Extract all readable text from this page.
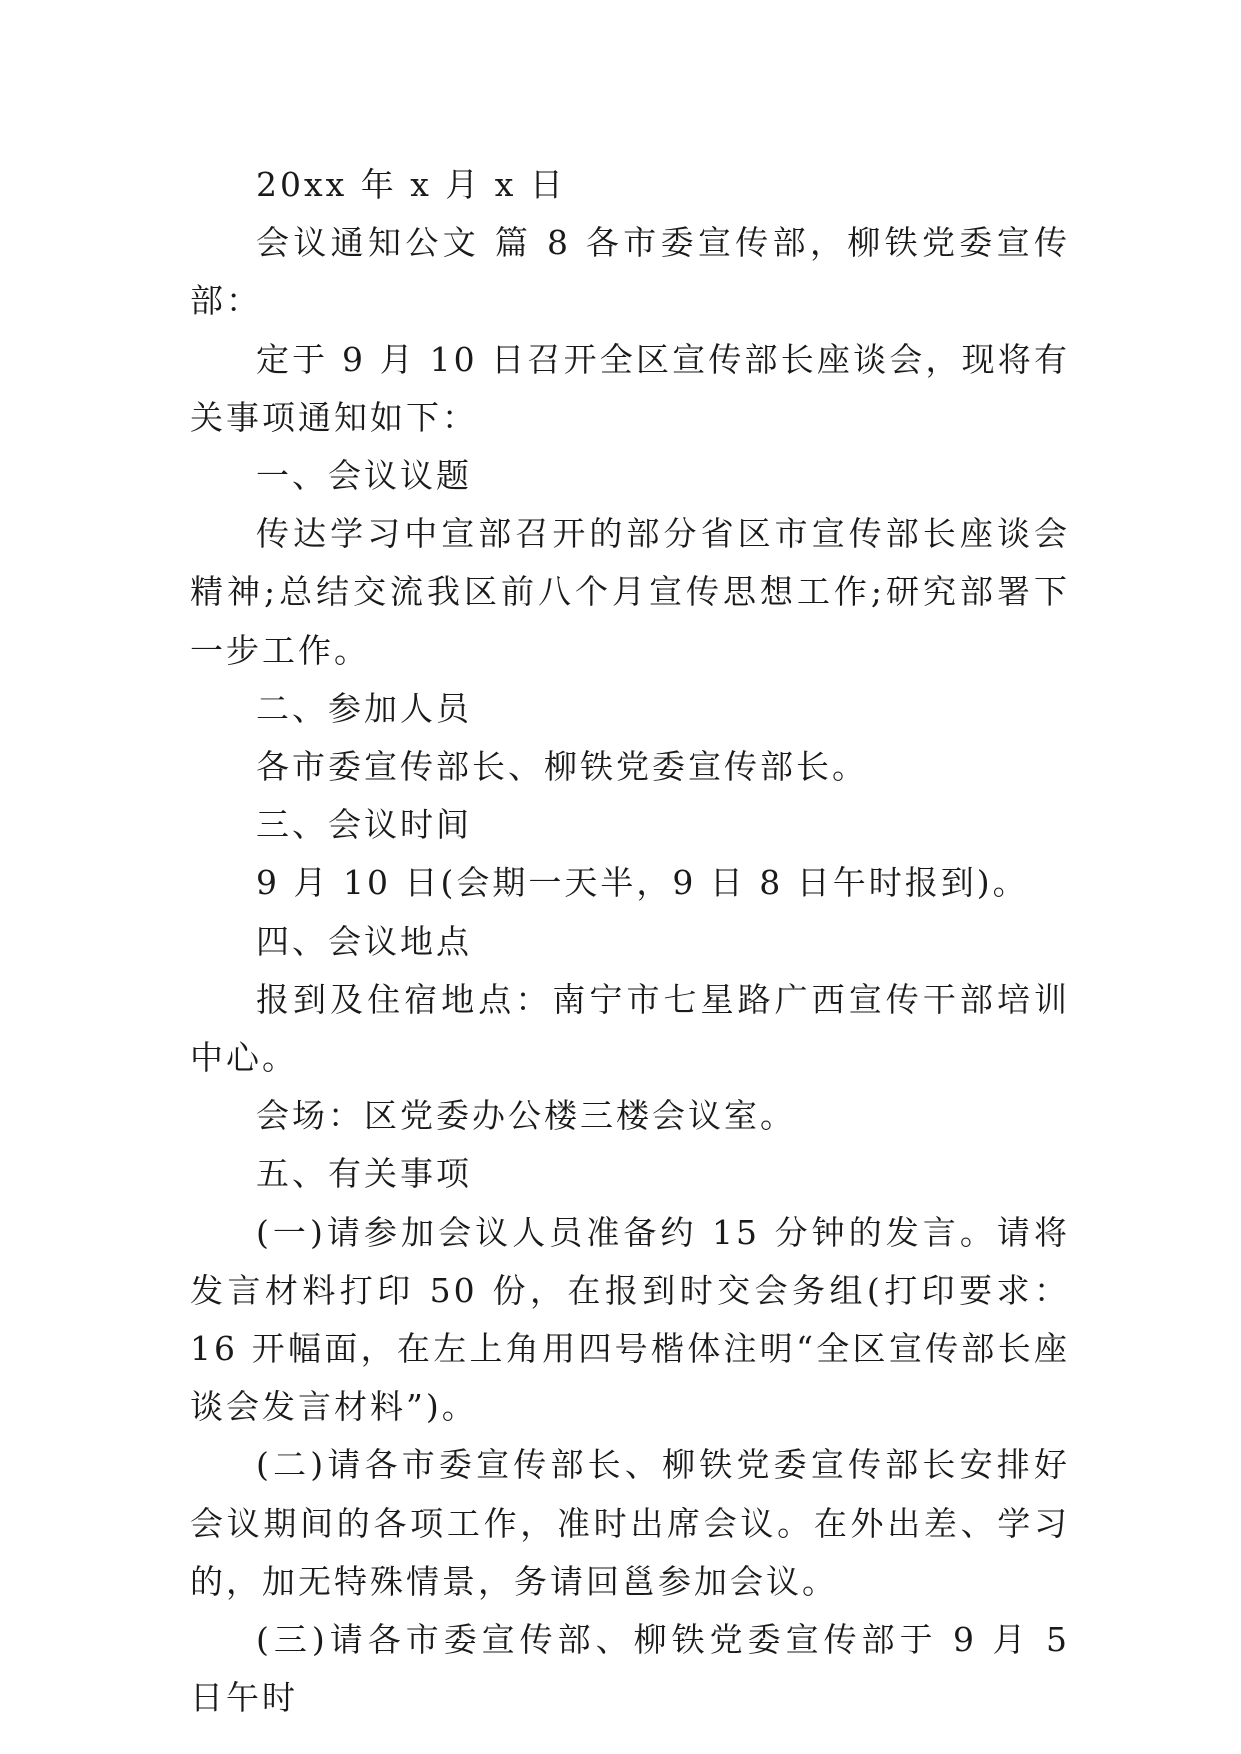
20xx 年 x 月 x 日

会议通知公文 篇 8 各市委宣传部，柳铁党委宣传部：

定于 9 月 10 日召开全区宣传部长座谈会，现将有关事项通知如下：

一、会议议题

传达学习中宣部召开的部分省区市宣传部长座谈会精神;总结交流我区前八个月宣传思想工作;研究部署下一步工作。

二、参加人员

各市委宣传部长、柳铁党委宣传部长。

三、会议时间

9 月 10 日(会期一天半，9 日 8 日午时报到)。

四、会议地点

报到及住宿地点：南宁市七星路广西宣传干部培训中心。

会场：区党委办公楼三楼会议室。

五、有关事项

(一)请参加会议人员准备约 15 分钟的发言。请将发言材料打印 50 份，在报到时交会务组(打印要求：16 开幅面，在左上角用四号楷体注明“全区宣传部长座谈会发言材料”)。

(二)请各市委宣传部长、柳铁党委宣传部长安排好会议期间的各项工作，准时出席会议。在外出差、学习的，加无特殊情景，务请回邕参加会议。

(三)请各市委宣传部、柳铁党委宣传部于 9 月 5 日午时
